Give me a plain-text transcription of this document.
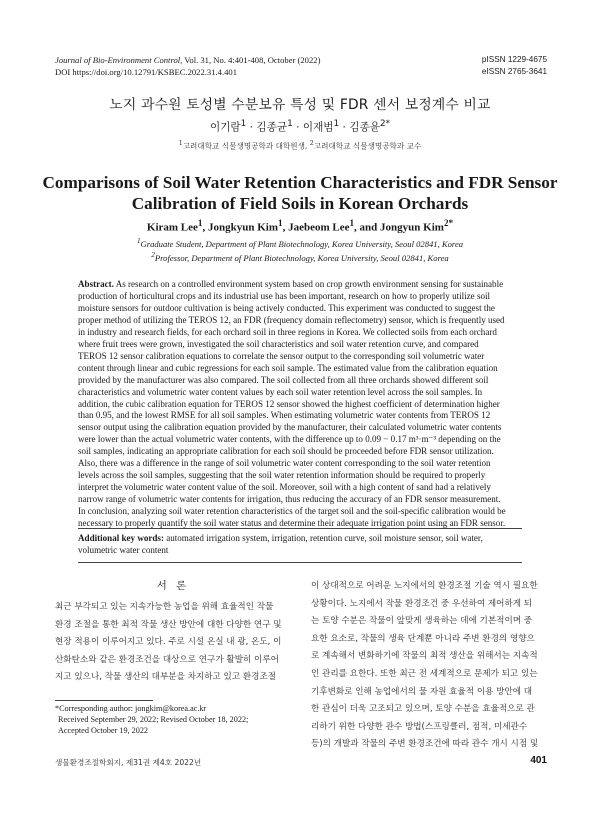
Journal of Bio-Environment Control, Vol. 31, No. 4:401-408, October (2022)
DOI https://doi.org/10.12791/KSBEC.2022.31.4.401
pISSN 1229-4675
eISSN 2765-3641
노지 과수원 토성별 수분보유 특성 및 FDR 센서 보정계수 비교
이기람$^1$ · 김종균$^1$ · 이재범$^1$ · 김종윤$^{2*}$
$^1$고려대학교 식물생명공학과 대학원생, $^2$고려대학교 식물생명공학과 교수
Comparisons of Soil Water Retention Characteristics and FDR Sensor
Calibration of Field Soils in Korean Orchards
Kiram Lee$^1$, Jongkyun Kim$^1$, Jaebeom Lee$^1$, and Jongyun Kim$^{2*}$
$^1$Graduate Student, Department of Plant Biotechnology, Korea University, Seoul 02841, Korea
$^2$Professor, Department of Plant Biotechnology, Korea University, Seoul 02841, Korea
Abstract. As research on a controlled environment system based on crop growth environment sensing for sustainable
production of horticultural crops and its industrial use has been important, research on how to properly utilize soil
moisture sensors for outdoor cultivation is being actively conducted. This experiment was conducted to suggest the
proper method of utilizing the TEROS 12, an FDR (frequency domain reflectometry) sensor, which is frequently used
in industry and research fields, for each orchard soil in three regions in Korea. We collected soils from each orchard
where fruit trees were grown, investigated the soil characteristics and soil water retention curve, and compared
TEROS 12 sensor calibration equations to correlate the sensor output to the corresponding soil volumetric water
content through linear and cubic regressions for each soil sample. The estimated value from the calibration equation
provided by the manufacturer was also compared. The soil collected from all three orchards showed different soil
characteristics and volumetric water content values by each soil water retention level across the soil samples. In
addition, the cubic calibration equation for TEROS 12 sensor showed the highest coefficient of determination higher
than 0.95, and the lowest RMSE for all soil samples. When estimating volumetric water contents from TEROS 12
sensor output using the calibration equation provided by the manufacturer, their calculated volumetric water contents
were lower than the actual volumetric water contents, with the difference up to 0.09 − 0.17 m³·m⁻³ depending on the
soil samples, indicating an appropriate calibration for each soil should be proceeded before FDR sensor utilization.
Also, there was a difference in the range of soil volumetric water content corresponding to the soil water retention
levels across the soil samples, suggesting that the soil water retention information should be required to properly
interpret the volumetric water content value of the soil. Moreover, soil with a high content of sand had a relatively
narrow range of volumetric water contents for irrigation, thus reducing the accuracy of an FDR sensor measurement.
In conclusion, analyzing soil water retention characteristics of the target soil and the soil-specific calibration would be
necessary to properly quantify the soil water status and determine their adequate irrigation point using an FDR sensor.
Additional key words: automated irrigation system, irrigation, retention curve, soil moisture sensor, soil water,
volumetric water content
서 론
최근 부각되고 있는 지속가능한 농업을 위해 효율적인 작물
환경 조절을 통한 최적 작물 생산 방안에 대한 다양한 연구 및
현장 적용이 이루어지고 있다. 주로 시설 온실 내 광, 온도, 이
산화탄소와 같은 환경조건을 대상으로 연구가 활발히 이루어
지고 있으나, 작물 생산의 대부분을 차지하고 있고 환경조절
이 상대적으로 어려운 노지에서의 환경조절 기술 역시 필요한
상황이다. 노지에서 작물 환경조건 중 우선하여 제어하게 되
는 토양 수분은 작물이 앞맞게 생육하는 데에 기본적이며 중
요한 요소로, 작물의 생육 단계뿐 아니라 주변 환경의 영향으
로 계속해서 변화하기에 작물의 최적 생산을 위해서는 지속적
인 관리를 요한다. 또한 최근 전 세계적으로 문제가 되고 있는
기후변화로 인해 농업에서의 물 자원 효율적 이용 방안에 대
한 관심이 더욱 고조되고 있으며, 토양 수분을 효율적으로 관
리하기 위한 다양한 관수 방법(스프링클러, 점적, 미세관수
등)의 개발과 작물의 주변 환경조건에 따라 관수 개시 시점 및
*Corresponding author: jongkim@korea.ac.kr
Received September 29, 2022; Revised October 18, 2022;
Accepted October 19, 2022
생물환경조절학회지, 제31권 제4호 2022년	401
